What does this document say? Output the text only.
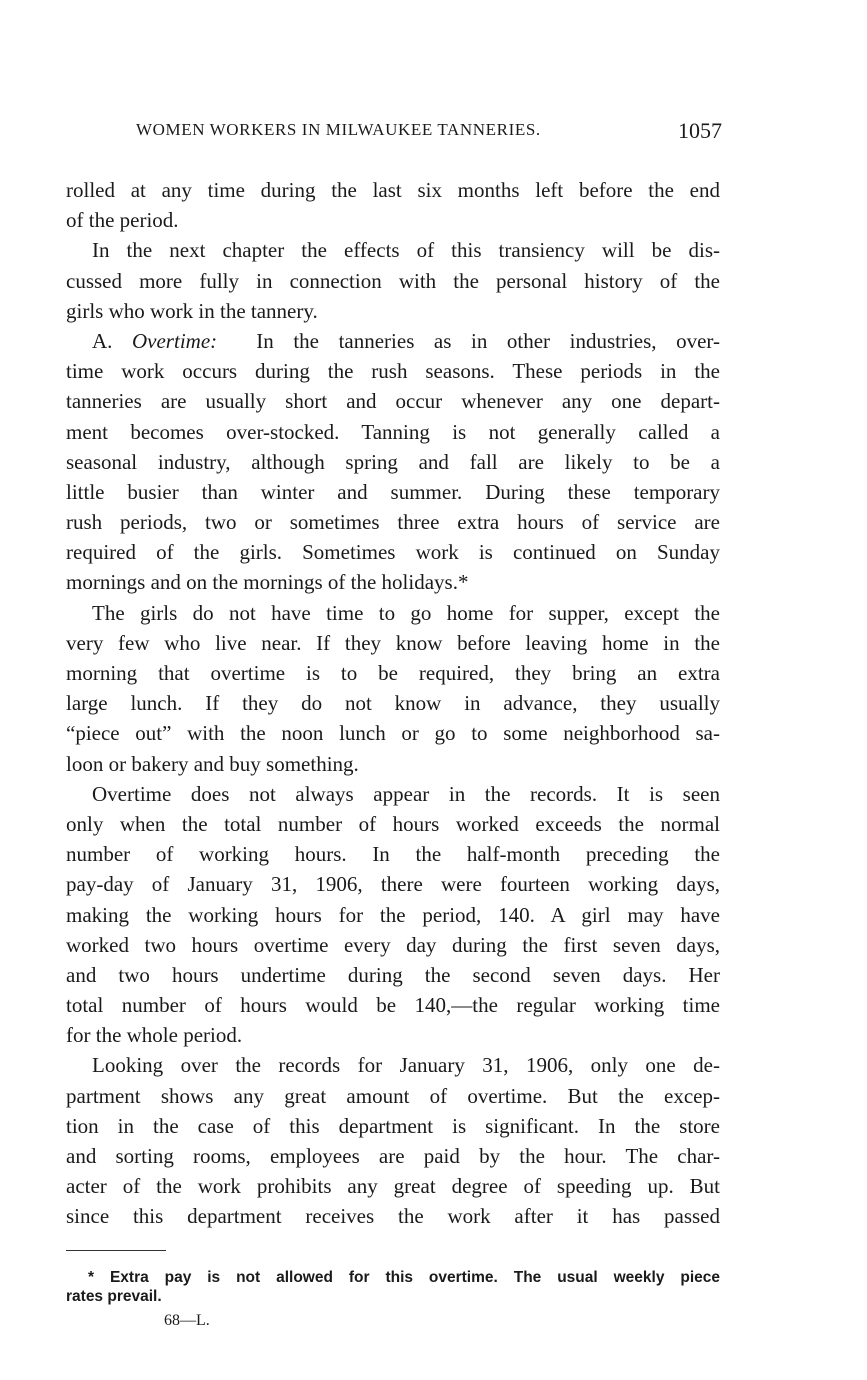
WOMEN WORKERS IN MILWAUKEE TANNERIES.	1057
rolled at any time during the last six months left before the end
of the period.
In the next chapter the effects of this transiency will be dis-
cussed more fully in connection with the personal history of the
girls who work in the tannery.
A. Overtime: In the tanneries as in other industries, over-
time work occurs during the rush seasons. These periods in the
tanneries are usually short and occur whenever any one depart-
ment becomes over-stocked. Tanning is not generally called a
seasonal industry, although spring and fall are likely to be a
little busier than winter and summer. During these temporary
rush periods, two or sometimes three extra hours of service are
required of the girls. Sometimes work is continued on Sunday
mornings and on the mornings of the holidays.*
The girls do not have time to go home for supper, except the
very few who live near. If they know before leaving home in the
morning that overtime is to be required, they bring an extra
large lunch. If they do not know in advance, they usually
“piece out” with the noon lunch or go to some neighborhood sa-
loon or bakery and buy something.
Overtime does not always appear in the records. It is seen
only when the total number of hours worked exceeds the normal
number of working hours. In the half-month preceding the
pay-day of January 31, 1906, there were fourteen working days,
making the working hours for the period, 140. A girl may have
worked two hours overtime every day during the first seven days,
and two hours undertime during the second seven days. Her
total number of hours would be 140,—the regular working time
for the whole period.
Looking over the records for January 31, 1906, only one de-
partment shows any great amount of overtime. But the excep-
tion in the case of this department is significant. In the store
and sorting rooms, employees are paid by the hour. The char-
acter of the work prohibits any great degree of speeding up. But
since this department receives the work after it has passed
* Extra pay is not allowed for this overtime. The usual weekly piece
rates prevail.
68—L.
